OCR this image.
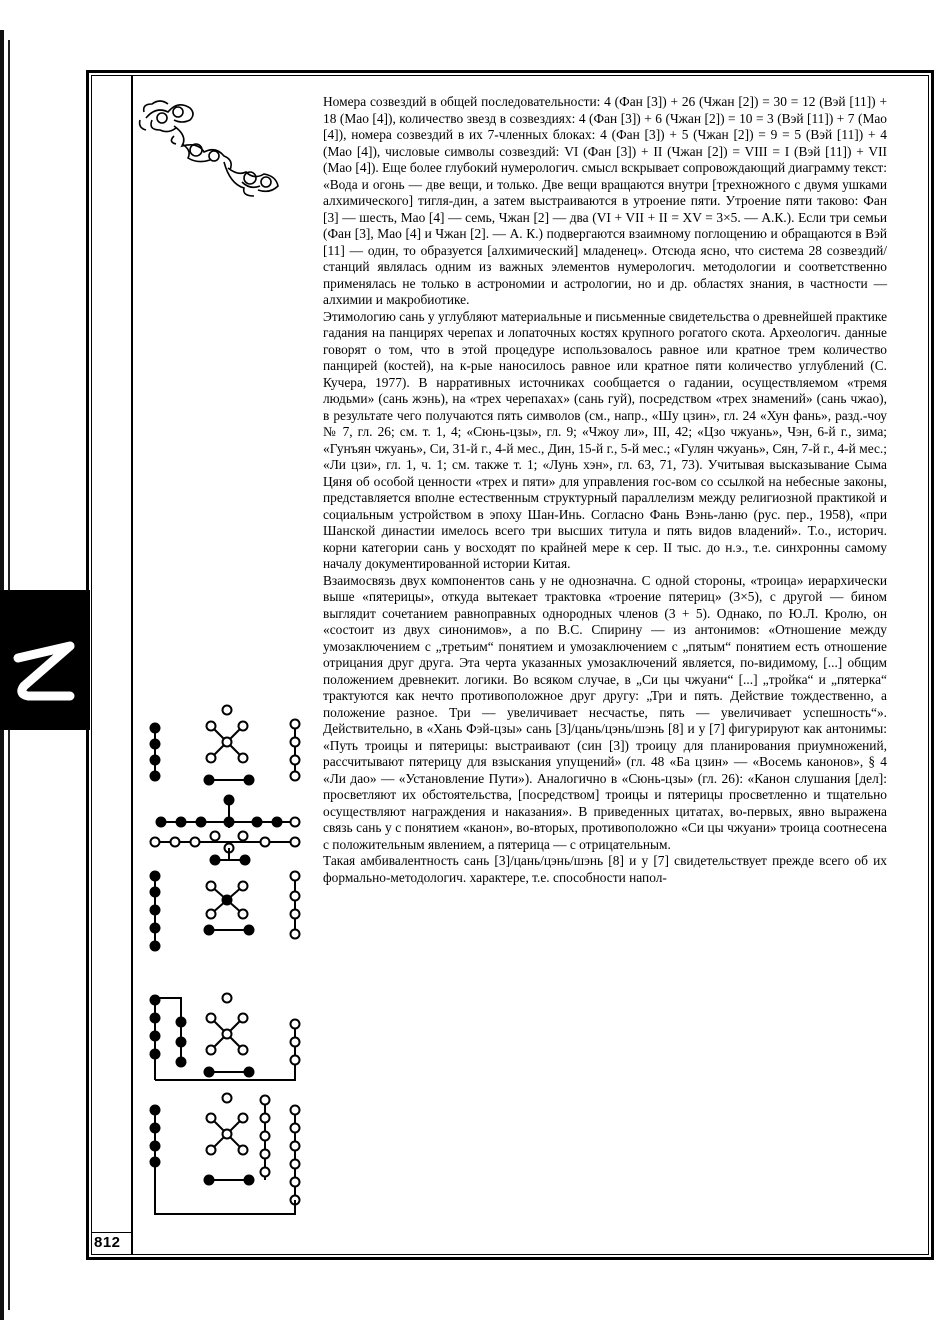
Номера созвездий в общей последовательности: 4 (Фан [3]) + 26 (Чжан [2]) = 30 = 12 (Вэй [11]) + 18 (Мао [4]), количество звезд в созвездиях: 4 (Фан [3]) + 6 (Чжан [2]) = 10 = 3 (Вэй [11]) + 7 (Мао [4]), номера созвездий в их 7-членных блоках: 4 (Фан [3]) + 5 (Чжан [2]) = 9 = 5 (Вэй [11]) + 4 (Мао [4]), числовые символы созвездий: VI (Фан [3]) + II (Чжан [2]) = VIII = I (Вэй [11]) + VII (Мао [4]). Еще более глубокий нумерологич. смысл вскрывает сопровождающий диаграмму текст: «Вода и огонь — две вещи, и только. Две вещи вращаются внутри [трехножного с двумя ушками алхимического] тигля-дин, а затем выстраиваются в утроение пяти. Утроение пяти таково: Фан [3] — шесть, Мао [4] — семь, Чжан [2] — два (VI + VII + II = XV = 3×5. — А.К.). Если три семьи (Фан [3], Мао [4] и Чжан [2]. — А. К.) подвергаются взаимному поглощению и обращаются в Вэй [11] — один, то образуется [алхимический] младенец». Отсюда ясно, что система 28 созвездий/станций являлась одним из важных элементов нумерологич. методологии и соответственно применялась не только в астрономии и астрологии, но и др. областях знания, в частности — алхимии и макробиотике.

Этимологию сань у углубляют материальные и письменные свидетельства о древнейшей практике гадания на панцирях черепах и лопаточных костях крупного рогатого скота. Археологич. данные говорят о том, что в этой процедуре использовалось равное или кратное трем количество панцирей (костей), на к-рые наносилось равное или кратное пяти количество углублений (С. Кучера, 1977). В нарративных источниках сообщается о гадании, осуществляемом «тремя людьми» (сань жэнь), на «трех черепахах» (сань гуй), посредством «трех знамений» (сань чжао), в результате чего получаются пять символов (см., напр., «Шу цзин», гл. 24 «Хун фань», разд.-чоу № 7, гл. 26; см. т. 1, 4; «Сюнь-цзы», гл. 9; «Чжоу ли», III, 42; «Цзо чжуань», Чэн, 6-й г., зима; «Гунъян чжуань», Си, 31-й г., 4-й мес., Дин, 15-й г., 5-й мес.; «Гулян чжуань», Сян, 7-й г., 4-й мес.; «Ли цзи», гл. 1, ч. 1; см. также т. 1; «Лунь хэн», гл. 63, 71, 73). Учитывая высказывание Сыма Цяня об особой ценности «трех и пяти» для управления гос-вом со ссылкой на небесные законы, представляется вполне естественным структурный параллелизм между религиозной практикой и социальным устройством в эпоху Шан-Инь. Согласно Фань Вэнь-ланю (рус. пер., 1958), «при Шанской династии имелось всего три высших титула и пять видов владений». Т.о., историч. корни категории сань у восходят по крайней мере к сер. II тыс. до н.э., т.е. синхронны самому началу документированной истории Китая.

Взаимосвязь двух компонентов сань у не однозначна. С одной стороны, «троица» иерархически выше «пятерицы», откуда вытекает трактовка «троение пятериц» (3×5), с другой — бином выглядит сочетанием равноправных однородных членов (3 + 5). Однако, по Ю.Л. Кролю, он «состоит из двух синонимов», а по В.С. Спирину — из антонимов: «Отношение между умозаключением с „третьим“ понятием и умозаключением с „пятым“ понятием есть отношение отрицания друг друга. Эта черта указанных умозаключений является, по-видимому, [...] общим положением древнекит. логики. Во всяком случае, в „Си цы чжуани“ [...] „тройка“ и „пятерка“ трактуются как нечто противоположное друг другу: „Три и пять. Действие тождественно, а положение разное. Три — увеличивает несчастье, пять — увеличивает успешность“». Действительно, в «Хань Фэй-цзы» сань [3]/цань/цэнь/шэнь [8] и у [7] фигурируют как антонимы: «Путь троицы и пятерицы: выстраивают (син [3]) троицу для планирования приумножений, рассчитывают пятерицу для взыскания упущений» (гл. 48 «Ба цзин» — «Восемь канонов», § 4 «Ли дао» — «Установление Пути»). Аналогично в «Сюнь-цзы» (гл. 26): «Канон слушания [дел]: просветляют их обстоятельства, [посредством] троицы и пятерицы просветленно и тщательно осуществляют награждения и наказания». В приведенных цитатах, во-первых, явно выражена связь сань у с понятием «канон», во-вторых, противоположно «Си цы чжуани» троица соотнесена с положительным явлением, а пятерица — с отрицательным.

Такая амбивалентность сань [3]/цань/цэнь/шэнь [8] и у [7] свидетельствует прежде всего об их формально-методологич. характере, т.е. способности напол-

812
